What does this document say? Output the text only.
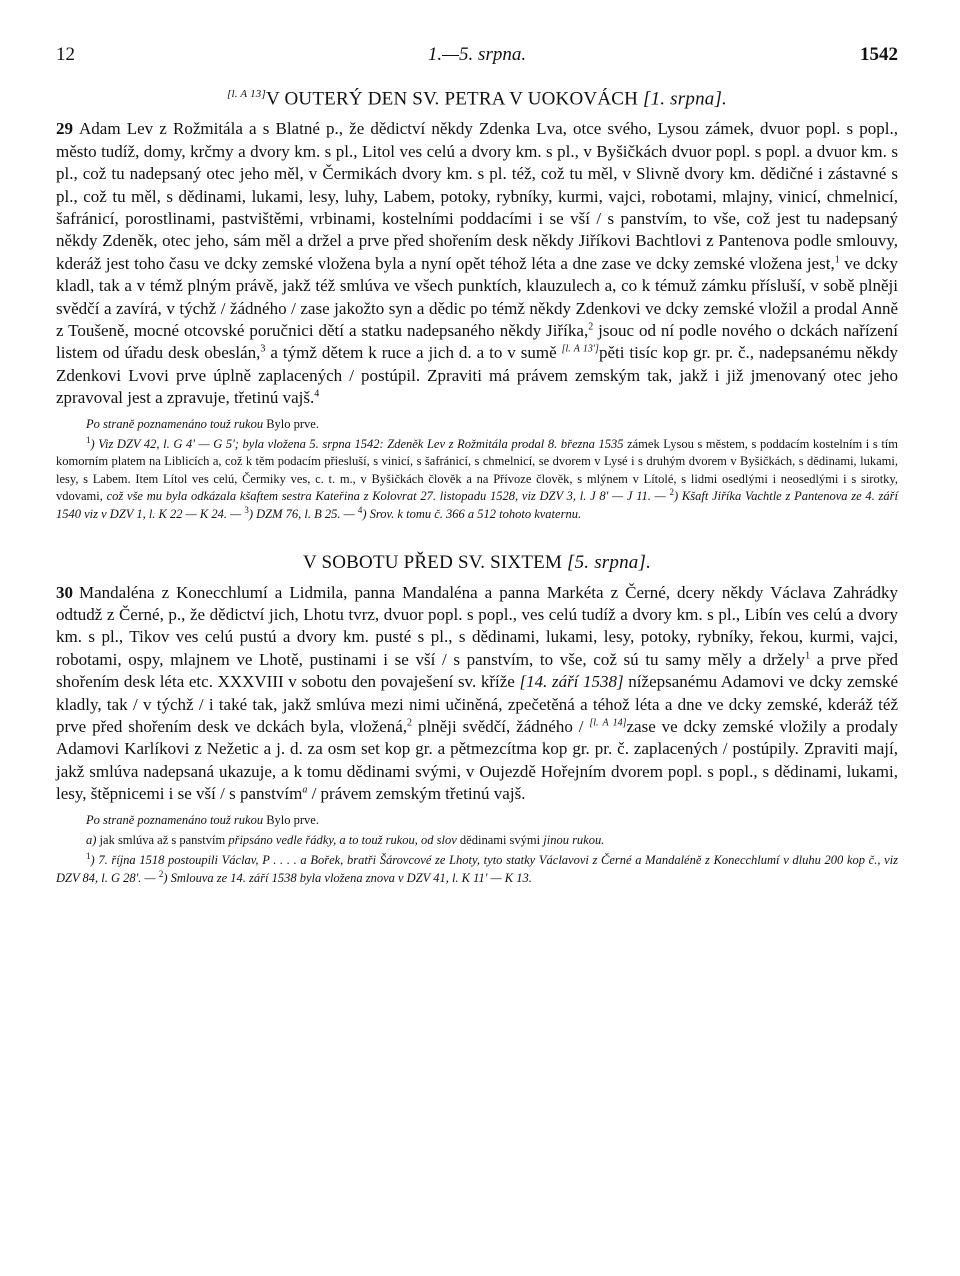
12	1.—5. srpna.	1542
[l. A 13]V OUTERÝ DEN SV. PETRA V UOKOVÁCH [1. srpna].

29 Adam Lev z Rožmitála a s Blatné p., že dědictví někdy Zdenka Lva, otce svého, Lysou zámek, dvuor popl. s popl., město tudíž, domy, krčmy a dvory km. s pl., Litol ves celú a dvory km. s pl., v Byšičkách dvuor popl. s popl. a dvuor km. s pl., což tu nadepsaný otec jeho měl, v Čermikách dvory km. s pl. též, což tu měl, v Slivně dvory km. dědičné i zástavné s pl., což tu měl, s dědinami, lukami, lesy, luhy, Labem, potoky, rybníky, kurmi, vajci, robotami, mlajny, vinicí, chmelnicí, šafránicí, porostlinami, pastvištěmi, vrbinami, kostelními poddacími i se vší / s panstvím, to vše, což jest tu nadepsaný někdy Zdeněk, otec jeho, sám měl a držel a prve před shořením desk někdy Jiříkovi Bachtlovi z Pantenova podle smlouvy, kderáž jest toho času ve dcky zemské vložena byla a nyní opět téhož léta a dne zase ve dcky zemské vložena jest,$^1$ ve dcky kladl, tak a v témž plným právě, jakž též smlúva ve všech punktích, klauzulech a, co k témuž zámku přísluší, v sobě plněji svědčí a zavírá, v týchž / žádného / zase jakožto syn a dědic po témž někdy Zdenkovi ve dcky zemské vložil a prodal Anně z Toušeně, mocné otcovské poručnici dětí a statku nadepsaného někdy Jiříka,$^2$ jsouc od ní podle nového o dckách nařízení listem od úřadu desk obeslán,$^3$ a týmž dětem k ruce a jich d. a to v sumě [l. A 13']pěti tisíc kop gr. pr. č., nadepsanému někdy Zdenkovi Lvovi prve úplně zaplacených / postúpil. Zpraviti má právem zemským tak, jakž i již jmenovaný otec jeho zpravoval jest a zpravuje, třetinú vajš.$^4$

Po straně poznamenáno touž rukou Bylo prve.

$^1$) Viz DZV 42, l. G 4' — G 5'; byla vložena 5. srpna 1542: Zdeněk Lev z Rožmitála prodal 8. března 1535 zámek Lysou s městem, s poddacím kostelním i s tím komorním platem na Liblicích a, což k těm podacím přiesluší, s vinicí, s šafránicí, s chmelnicí, se dvorem v Lysé i s druhým dvorem v Byšičkách, s dědinami, lukami, lesy, s Labem. Item Lítol ves celú, Čermiky ves, c. t. m., v Byšičkách člověk a na Přívoze člověk, s mlýnem v Lítolé, s lidmi osedlými i neosedlými i s sirotky, vdovami, což vše mu byla odkázala kšaftem sestra Kateřina z Kolovrat 27. listopadu 1528, viz DZV 3, l. J 8' — J 11. — $^2$) Kšaft Jiříka Vachtle z Pantenova ze 4. září 1540 viz v DZV 1, l. K 22 — K 24. — $^3$) DZM 76, l. B 25. — $^4$) Srov. k tomu č. 366 a 512 tohoto kvaternu.

V SOBOTU PŘED SV. SIXTEM [5. srpna].

30 Mandaléna z Konecchlumí a Lidmila, panna Mandaléna a panna Markéta z Černé, dcery někdy Václava Zahrádky odtudž z Černé, p., že dědictví jich, Lhotu tvrz, dvuor popl. s popl., ves celú tudíž a dvory km. s pl., Libín ves celú a dvory km. s pl., Tikov ves celú pustú a dvory km. pusté s pl., s dědinami, lukami, lesy, potoky, rybníky, řekou, kurmi, vajci, robotami, ospy, mlajnem ve Lhotě, pustinami i se vší / s panstvím, to vše, což sú tu samy měly a držely$^1$ a prve před shořením desk léta etc. XXXVIII v sobotu den povaješení sv. kříže [14. září 1538] nížepsanému Adamovi ve dcky zemské kladly, tak / v týchž / i také tak, jakž smlúva mezi nimi učiněná, zpečetěná a téhož léta a dne ve dcky zemské, kderáž též prve před shořením desk ve dckách byla, vložená,$^2$ plněji svědčí, žádného / [l. A 14]zase ve dcky zemské vložily a prodaly Adamovi Karlíkovi z Nežetic a j. d. za osm set kop gr. a pětmezcítma kop gr. pr. č. zaplacených / postúpily. Zpraviti mají, jakž smlúva nadepsaná ukazuje, a k tomu dědinami svými, v Oujezdě Hořejním dvorem popl. s popl., s dědinami, lukami, lesy, štěpnicemi i se vší / s panstvím$^a$ / právem zemským třetinú vajš.

Po straně poznamenáno touž rukou Bylo prve.

a) jak smlúva až s panstvím připsáno vedle řádky, a to touž rukou, od slov dědinami svými jinou rukou.

$^1$) 7. října 1518 postoupili Václav, P . . . . a Bořek, bratři Šárovcové ze Lhoty, tyto statky Václavovi z Černé a Mandaléně z Konecchlumí v dluhu 200 kop č., viz DZV 84, l. G 28'. — $^2$) Smlouva ze 14. září 1538 byla vložena znova v DZV 41, l. K 11' — K 13.
